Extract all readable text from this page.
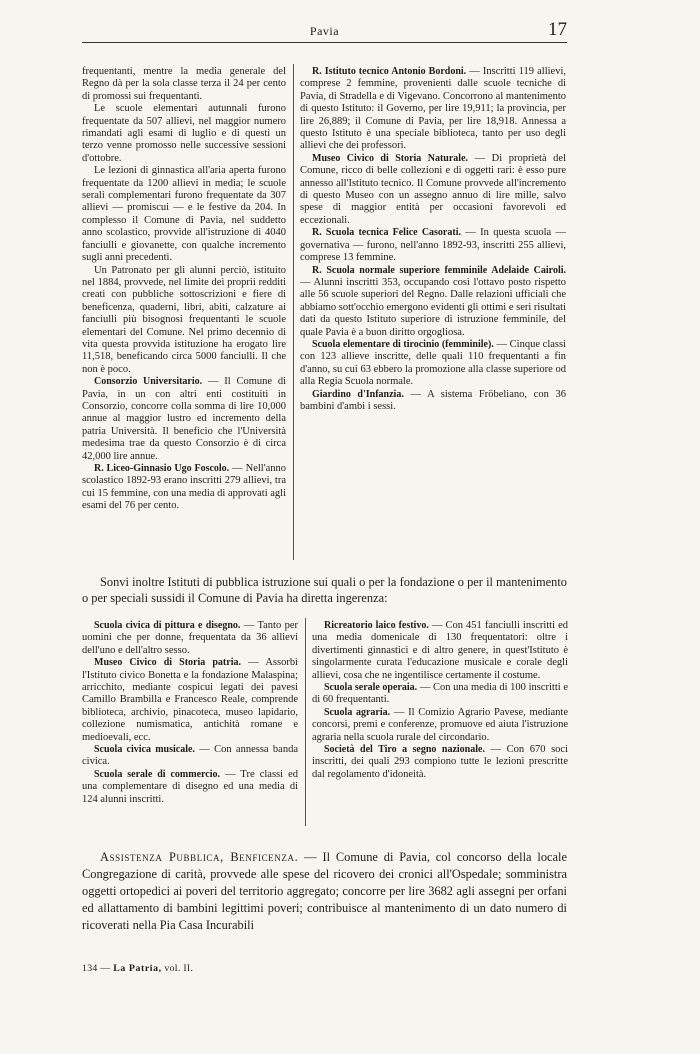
Pavia	17

frequentanti, mentre la media generale del Regno dà per la sola classe terza il 24 per cento di promossi sui frequentanti.

Le scuole elementari autunnali furono frequentate da 507 allievi, nel maggior numero rimandati agli esami di luglio e di questi un terzo venne promosso nelle successive sessioni d'ottobre.

Le lezioni di ginnastica all'aria aperta furono frequentate da 1200 allievi in media; le scuole serali complementari furono frequentate da 307 allievi — promiscui — e le festive da 204. In complesso il Comune di Pavia, nel suddetto anno scolastico, provvide all'istruzione di 4040 fanciulli e giovanette, con qualche incremento sugli anni precedenti.

Un Patronato per gli alunni perciò, istituito nel 1884, provvede, nel limite dei proprii redditi creati con pubbliche sottoscrizioni e fiere di beneficenza, quaderni, libri, abiti, calzature ai fanciulli più bisognosi frequentanti le scuole elementari del Comune. Nel primo decennio di vita questa provvida istituzione ha erogato lire 11,518, beneficando circa 5000 fanciulli. Il che non è poco.

Consorzio Universitario. — Il Comune di Pavia, in un con altri enti costituiti in Consorzio, concorre colla somma di lire 10,000 annue al maggior lustro ed incremento della patria Università. Il beneficio che l'Università medesima trae da questo Consorzio è di circa 42,000 lire annue.

R. Liceo-Ginnasio Ugo Foscolo. — Nell'anno scolastico 1892-93 erano inscritti 279 allievi, tra cui 15 femmine, con una media di approvati agli esami del 76 per cento.

R. Istituto tecnico Antonio Bordoni. — Inscritti 119 allievi, comprese 2 femmine, provenienti dalle scuole tecniche di Pavia, di Stradella e di Vigevano. Concorrono al mantenimento di questo Istituto: il Governo, per lire 19,911; la provincia, per lire 26,889; il Comune di Pavia, per lire 18,918. Annessa a questo Istituto è una speciale biblioteca, tanto per uso degli allievi che dei professori.

Museo Civico di Storia Naturale. — Di proprietà del Comune, ricco di belle collezioni e di oggetti rari: è esso pure annesso all'Istituto tecnico. Il Comune provvede all'incremento di questo Museo con un assegno annuo di lire mille, salvo spese di maggior entità per occasioni favorevoli ed eccezionali.

R. Scuola tecnica Felice Casorati. — In questa scuola — governativa — furono, nell'anno 1892-93, inscritti 255 allievi, comprese 13 femmine.

R. Scuola normale superiore femminile Adelaide Cairoli. — Alunni inscritti 353, occupando così l'ottavo posto rispetto alle 56 scuole superiori del Regno. Dalle relazioni ufficiali che abbiamo sott'occhio emergono evidenti gli ottimi e seri risultati dati da questo Istituto superiore di istruzione femminile, del quale Pavia è a buon diritto orgogliosa.

Scuola elementare di tirocinio (femminile). — Cinque classi con 123 allieve inscritte, delle quali 110 frequentanti a fin d'anno, su cui 63 ebbero la promozione alla classe superiore od alla Regia Scuola normale.

Giardino d'Infanzia. — A sistema Fröbeliano, con 36 bambini d'ambi i sessi.

Sonvi inoltre Istituti di pubblica istruzione sui quali o per la fondazione o per il mantenimento o per speciali sussidi il Comune di Pavia ha diretta ingerenza:

Scuola civica di pittura e disegno. — Tanto per uomini che per donne, frequentata da 36 allievi dell'uno e dell'altro sesso.

Museo Civico di Storia patria. — Assorbì l'Istituto civico Bonetta e la fondazione Malaspina; arricchito, mediante cospicui legati dei pavesi Camillo Brambilla e Francesco Reale, comprende biblioteca, archivio, pinacoteca, museo lapidario, collezione numismatica, antichità romane e medioevali, ecc.

Scuola civica musicale. — Con annessa banda civica.

Scuola serale di commercio. — Tre classi ed una complementare di disegno ed una media di 124 alunni inscritti.

Ricreatorio laico festivo. — Con 451 fanciulli inscritti ed una media domenicale di 130 frequentatori: oltre i divertimenti ginnastici e di altro genere, in quest'Istituto è singolarmente curata l'educazione musicale e corale degli allievi, cosa che ne ingentilisce certamente il costume.

Scuola serale operaia. — Con una media di 100 inscritti e di 60 frequentanti.

Scuola agraria. — Il Comizio Agrario Pavese, mediante concorsi, premi e conferenze, promuove ed aiuta l'istruzione agraria nella scuola rurale del circondario.

Società del Tiro a segno nazionale. — Con 670 soci inscritti, dei quali 293 compiono tutte le lezioni prescritte dal regolamento d'idoneità.

Assistenza Pubblica, Benficenza. — Il Comune di Pavia, col concorso della locale Congregazione di carità, provvede alle spese del ricovero dei cronici all'Ospedale; somministra oggetti ortopedici ai poveri del territorio aggregato; concorre per lire 3682 agli assegni per orfani ed allattamento di bambini legittimi poveri; contribuisce al mantenimento di un dato numero di ricoverati nella Pia Casa Incurabili
134 — La Patria, vol. II.
